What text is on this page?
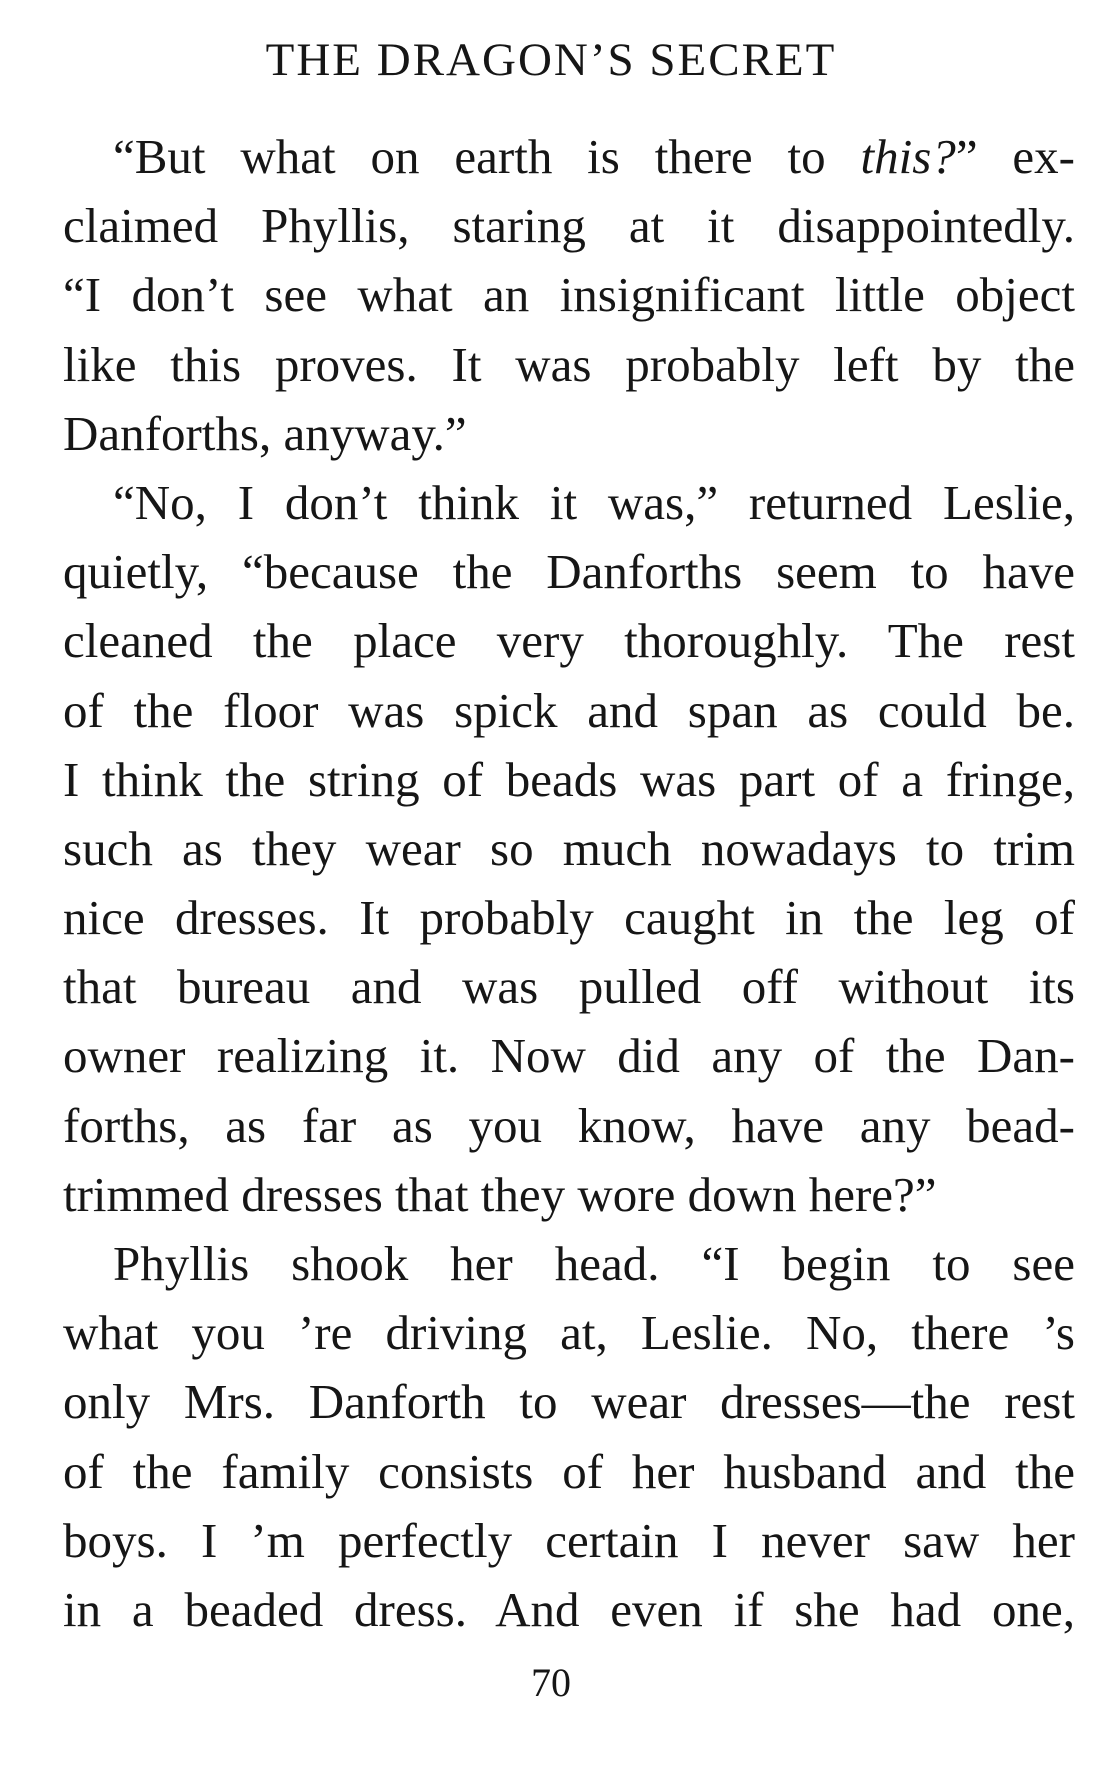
THE DRAGON’S SECRET
“But what on earth is there to this?” ex-
claimed Phyllis, staring at it disappointedly.
“I don’t see what an insignificant little object
like this proves. It was probably left by the
Danforths, anyway.”
“No, I don’t think it was,” returned Leslie,
quietly, “because the Danforths seem to have
cleaned the place very thoroughly. The rest
of the floor was spick and span as could be.
I think the string of beads was part of a fringe,
such as they wear so much nowadays to trim
nice dresses. It probably caught in the leg of
that bureau and was pulled off without its
owner realizing it. Now did any of the Dan-
forths, as far as you know, have any bead-
trimmed dresses that they wore down here?”
Phyllis shook her head. “I begin to see
what you ’re driving at, Leslie. No, there ’s
only Mrs. Danforth to wear dresses—the rest
of the family consists of her husband and the
boys. I ’m perfectly certain I never saw her
in a beaded dress. And even if she had one,
70
